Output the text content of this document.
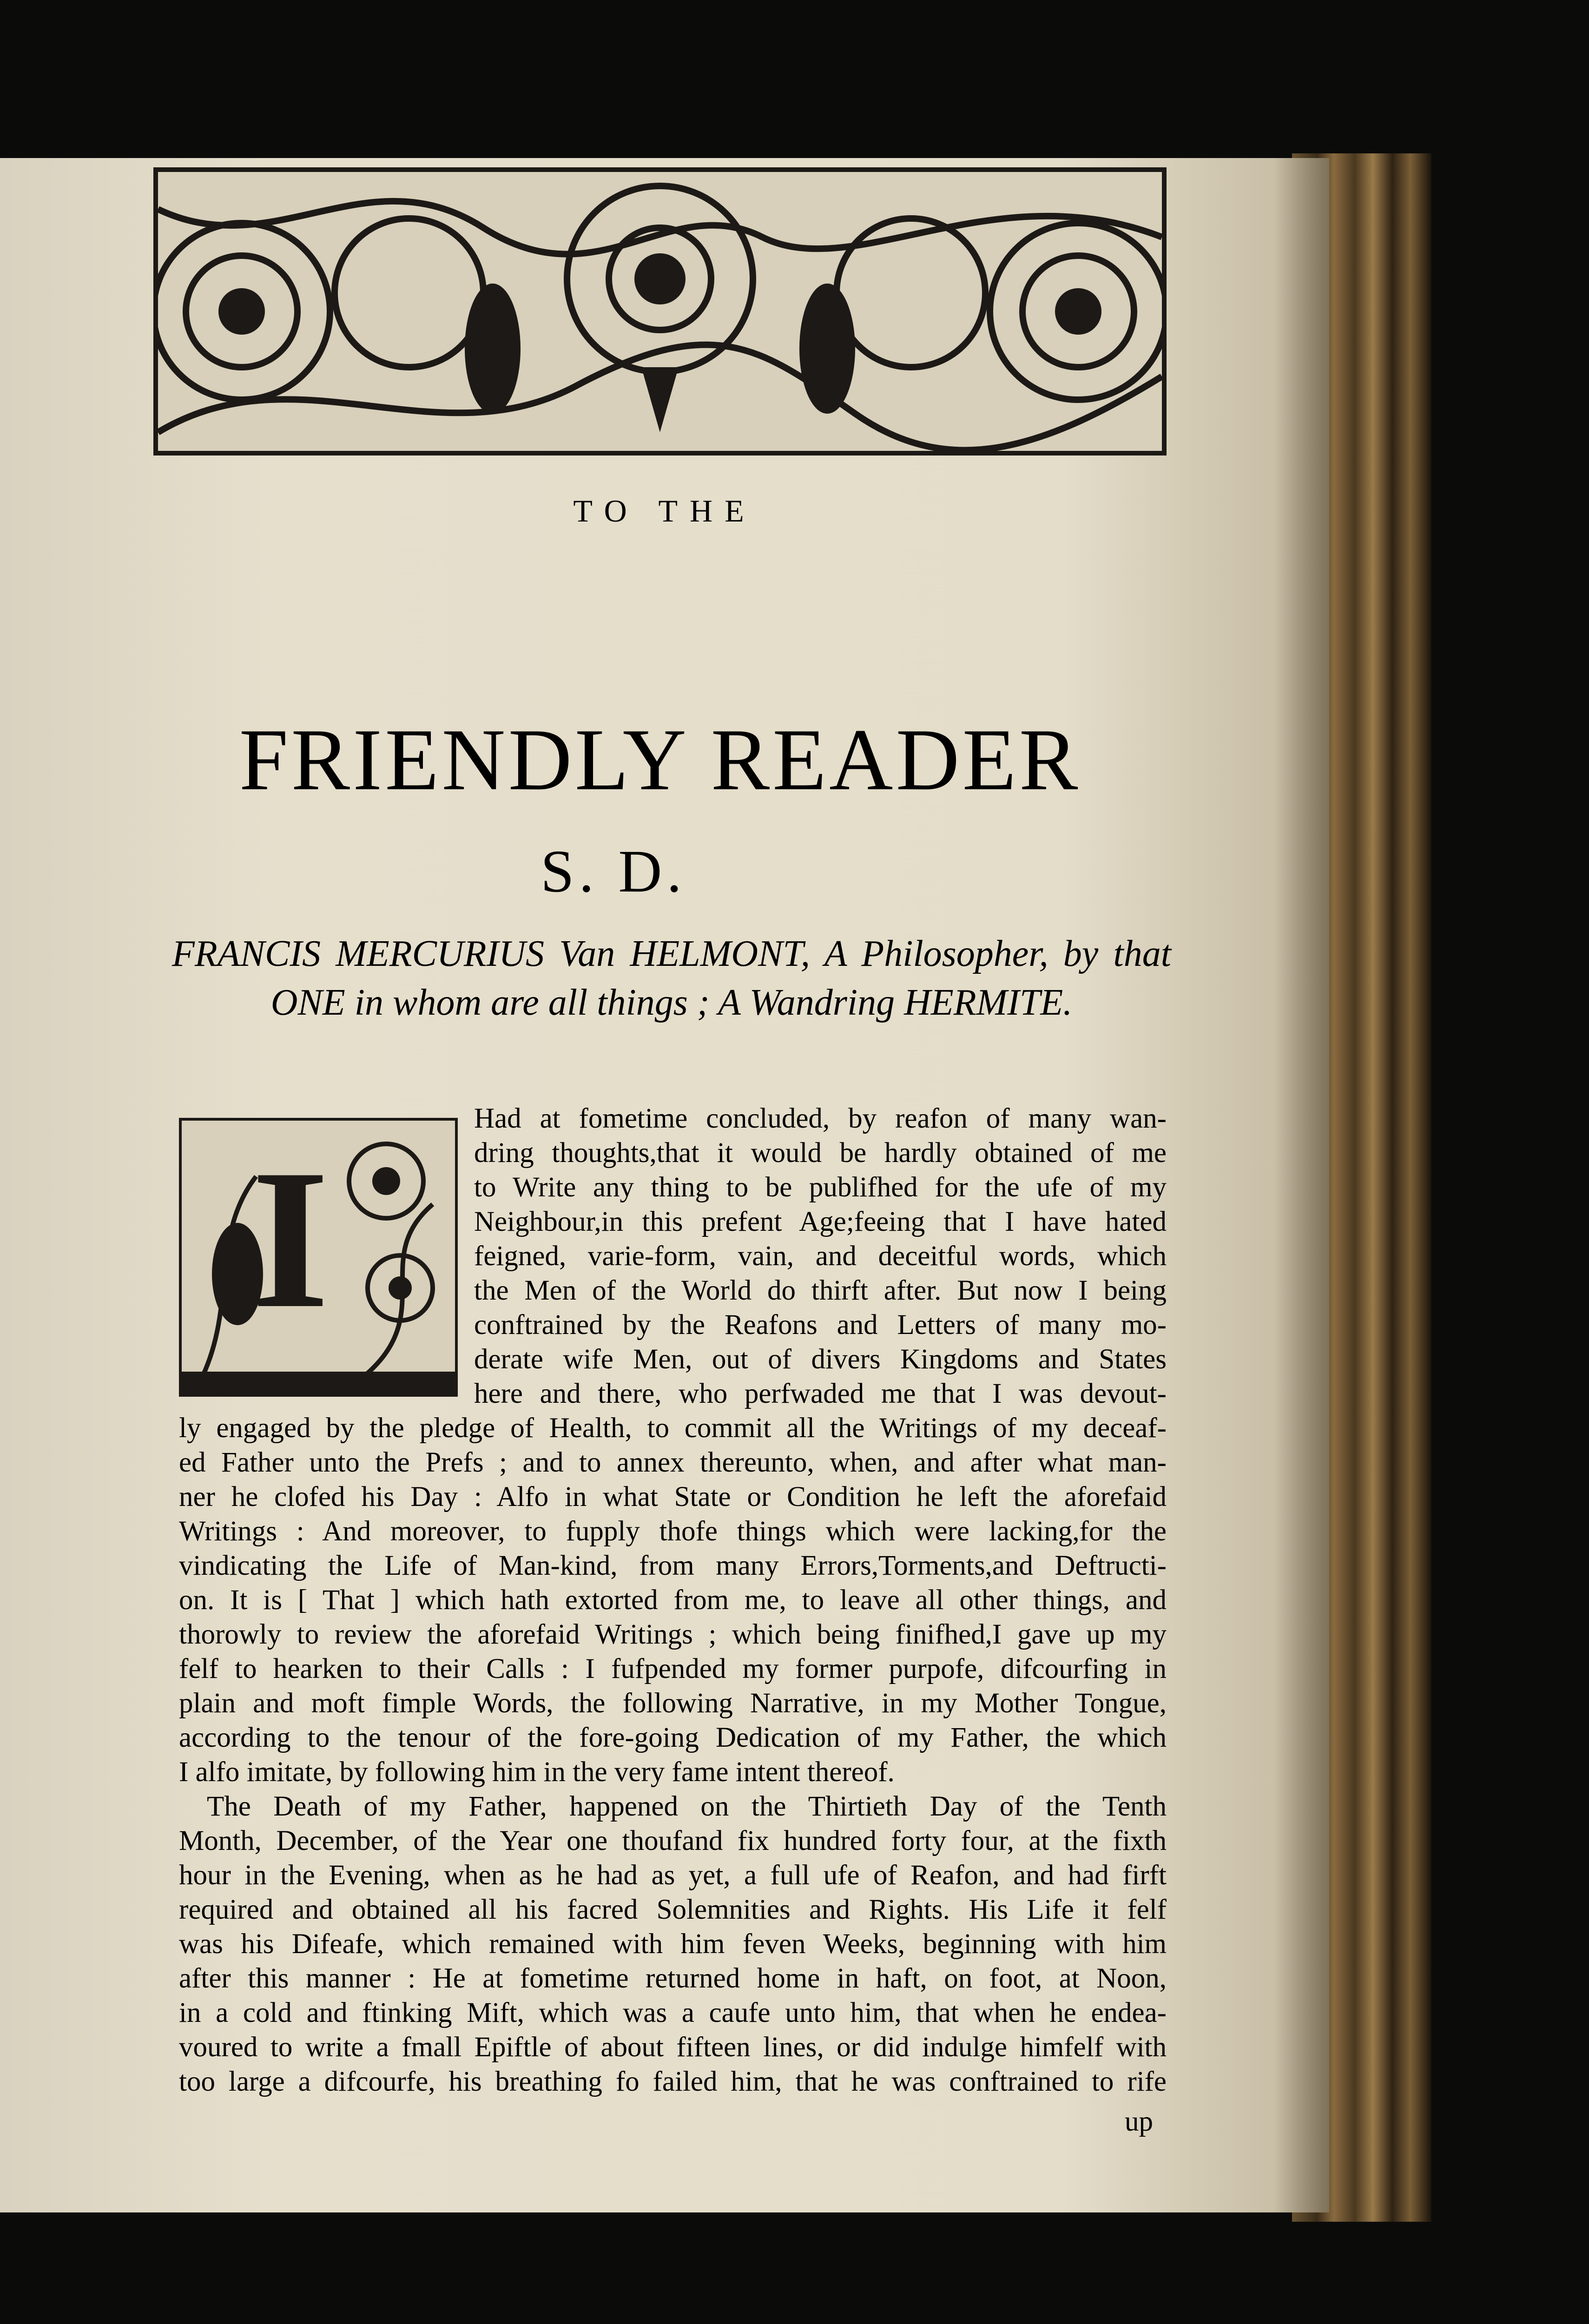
TO THE
FRIENDLY READER
S. D.
FRANCIS MERCURIUS Van HELMONT, A Philosopher, by that ONE in whom are all things ; A Wandring HERMITE.
I
Had at fometime concluded, by reafon of many wan-
dring thoughts,that it would be hardly obtained of me
to Write any thing to be publifhed for the ufe of my
Neighbour,in this prefent Age;feeing that I have hated
feigned, varie-form, vain, and deceitful words, which
the Men of the World do thirft after. But now I being
conftrained by the Reafons and Letters of many mo-
derate wife Men, out of divers Kingdoms and States
here and there, who perfwaded me that I was devout-
ly engaged by the pledge of Health, to commit all the Writings of my deceaf-
ed Father unto the Prefs ; and to annex thereunto, when, and after what man-
ner he clofed his Day : Alfo in what State or Condition he left the aforefaid
Writings : And moreover, to fupply thofe things which were lacking,for the
vindicating the Life of Man-kind, from many Errors,Torments,and Deftructi-
on. It is [ That ] which hath extorted from me, to leave all other things, and
thorowly to review the aforefaid Writings ; which being finifhed,I gave up my
felf to hearken to their Calls : I fufpended my former purpofe, difcourfing in
plain and moft fimple Words, the following Narrative, in my Mother Tongue,
according to the tenour of the fore-going Dedication of my Father, the which
I alfo imitate, by following him in the very fame intent thereof.
The Death of my Father, happened on the Thirtieth Day of the Tenth
Month, December, of the Year one thoufand fix hundred forty four, at the fixth
hour in the Evening, when as he had as yet, a full ufe of Reafon, and had firft
required and obtained all his facred Solemnities and Rights. His Life it felf
was his Difeafe, which remained with him feven Weeks, beginning with him
after this manner : He at fometime returned home in haft, on foot, at Noon,
in a cold and ftinking Mift, which was a caufe unto him, that when he endea-
voured to write a fmall Epiftle of about fifteen lines, or did indulge himfelf with
too large a difcourfe, his breathing fo failed him, that he was conftrained to rife
up
